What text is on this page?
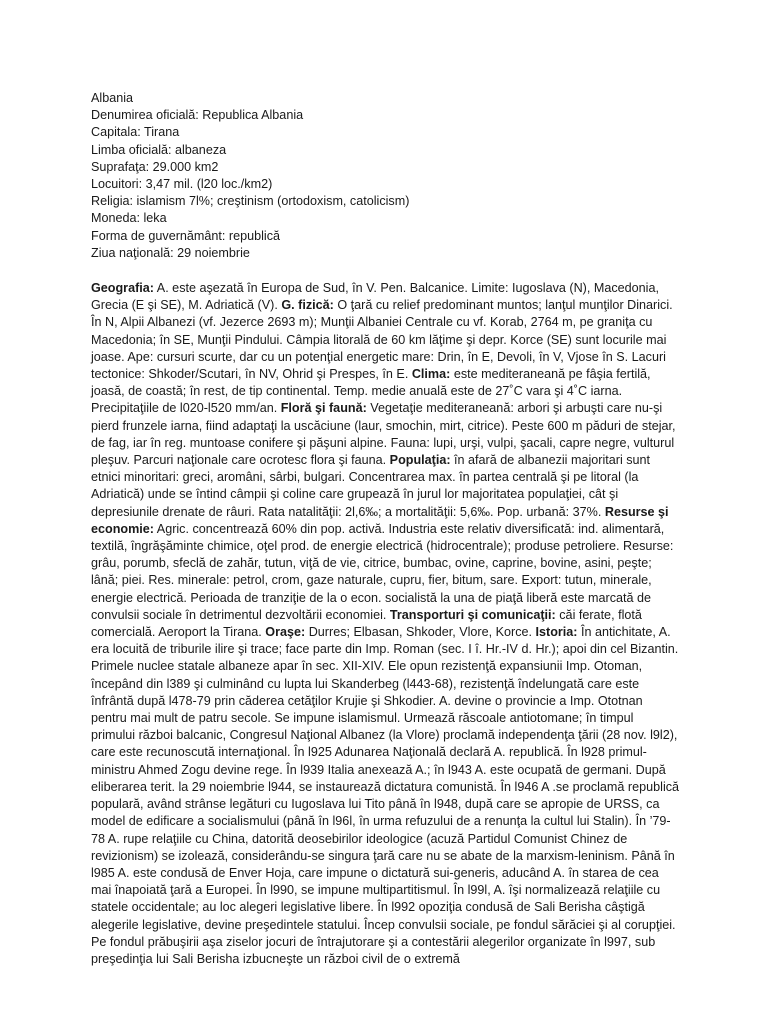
Albania
Denumirea oficială: Republica Albania
Capitala: Tirana
Limba oficială: albaneza
Suprafaţa: 29.000 km2
Locuitori: 3,47 mil. (l20 loc./km2)
Religia: islamism 7l%; creştinism (ortodoxism, catolicism)
Moneda: leka
Forma de guvernământ: republică
Ziua naţională: 29 noiembrie

Geografia: A. este aşezată în Europa de Sud, în V. Pen. Balcanice. Limite: Iugoslava (N), Macedonia, Grecia (E şi SE), M. Adriatică (V). G. fizică: O ţară cu relief predominant muntos; lanţul munţilor Dinarici. În N, Alpii Albanezi (vf. Jezerce 2693 m); Munţii Albaniei Centrale cu vf. Korab, 2764 m, pe graniţa cu Macedonia; în SE, Munţii Pindului. Câmpia litorală de 60 km lăţime şi depr. Korce (SE) sunt locurile mai joase. Ape: cursuri scurte, dar cu un potenţial energetic mare: Drin, în E, Devoli, în V, Vjose în S. Lacuri tectonice: Shkoder/Scutari, în NV, Ohrid şi Prespes, în E. Clima: este mediteraneană pe fâşia fertilă, joasă, de coastă; în rest, de tip continental. Temp. medie anuală este de 27˚C vara şi 4˚C iarna. Precipitaţiile de l020-l520 mm/an. Floră şi faună: Vegetaţie mediteraneană: arbori şi arbuşti care nu-şi pierd frunzele iarna, fiind adaptaţi la uscăciune (laur, smochin, mirt, citrice). Peste 600 m păduri de stejar, de fag, iar în reg. muntoase conifere şi păşuni alpine. Fauna: lupi, urşi, vulpi, şacali, capre negre, vulturul pleşuv. Parcuri naţionale care ocrotesc flora şi fauna. Populaţia: în afară de albanezii majoritari sunt etnici minoritari: greci, aromâni, sârbi, bulgari. Concentrarea max. în partea centrală şi pe litoral (la Adriatică) unde se întind câmpii şi coline care grupează în jurul lor majoritatea populaţiei, cât şi depresiunile drenate de râuri. Rata natalităţii: 2l,6‰; a mortalităţii: 5,6‰. Pop. urbană: 37%. Resurse şi economie: Agric. concentrează 60% din pop. activă. Industria este relativ diversificată: ind. alimentară, textilă, îngrăşăminte chimice, oţel prod. de energie electrică (hidrocentrale); produse petroliere. Resurse: grâu, porumb, sfeclă de zahăr, tutun, viţă de vie, citrice, bumbac, ovine, caprine, bovine, asini, peşte; lână; piei. Res. minerale: petrol, crom, gaze naturale, cupru, fier, bitum, sare. Export: tutun, minerale, energie electrică. Perioada de tranziţie de la o econ. socialistă la una de piaţă liberă este marcată de convulsii sociale în detrimentul dezvoltării economiei. Transporturi şi comunicaţii: căi ferate, flotă comercială. Aeroport la Tirana. Oraşe: Durres; Elbasan, Shkoder, Vlore, Korce. Istoria: În antichitate, A. era locuită de triburile ilire şi trace; face parte din Imp. Roman (sec. I î. Hr.-IV d. Hr.); apoi din cel Bizantin. Primele nuclee statale albaneze apar în sec. XII-XIV. Ele opun rezistenţă expansiunii Imp. Otoman, începând din l389 şi culminând cu lupta lui Skanderbeg (l443-68), rezistenţă îndelungată care este înfrântă după l478-79 prin căderea cetăţilor Krujie şi Shkodier. A. devine o provincie a Imp. Ototnan pentru mai mult de patru secole. Se impune islamismul. Urmează răscoale antiotomane; în timpul primului război balcanic, Congresul Naţional Albanez (la Vlore) proclamă independenţa ţării (28 nov. l9l2), care este recunoscută internaţional. În l925 Adunarea Naţională declară A. republică. În l928 primul-ministru Ahmed Zogu devine rege. În l939 Italia anexează A.; în l943 A. este ocupată de germani. După eliberarea terit. la 29 noiembrie l944, se instaurează dictatura comunistă. În l946 A .se proclamă republică populară, având strânse legături cu Iugoslava lui Tito până în l948, după care se apropie de URSS, ca model de edificare a socialismului (până în l96l, în urma refuzului de a renunţa la cultul lui Stalin). În ’79-78 A. rupe relaţiile cu China, datorită deosebirilor ideologice (acuză Partidul Comunist Chinez de revizionism) se izolează, considerându-se singura ţară care nu se abate de la marxism-leninism. Până în l985 A. este condusă de Enver Hoja, care impune o dictatură sui-generis, aducând A. în starea de cea mai înapoiată ţară a Europei. În l990, se impune multipartitismul. În l99l, A. îşi normalizează relaţiile cu statele occidentale; au loc alegeri legislative libere. În l992 opoziţia condusă de Sali Berisha câştigă alegerile legislative, devine preşedintele statului. Încep convulsii sociale, pe fondul sărăciei şi al corupţiei. Pe fondul prăbuşirii aşa ziselor jocuri de întrajutorare şi a contestării alegerilor organizate în l997, sub preşedinţia lui Sali Berisha izbucneşte un război civil de o extremă
